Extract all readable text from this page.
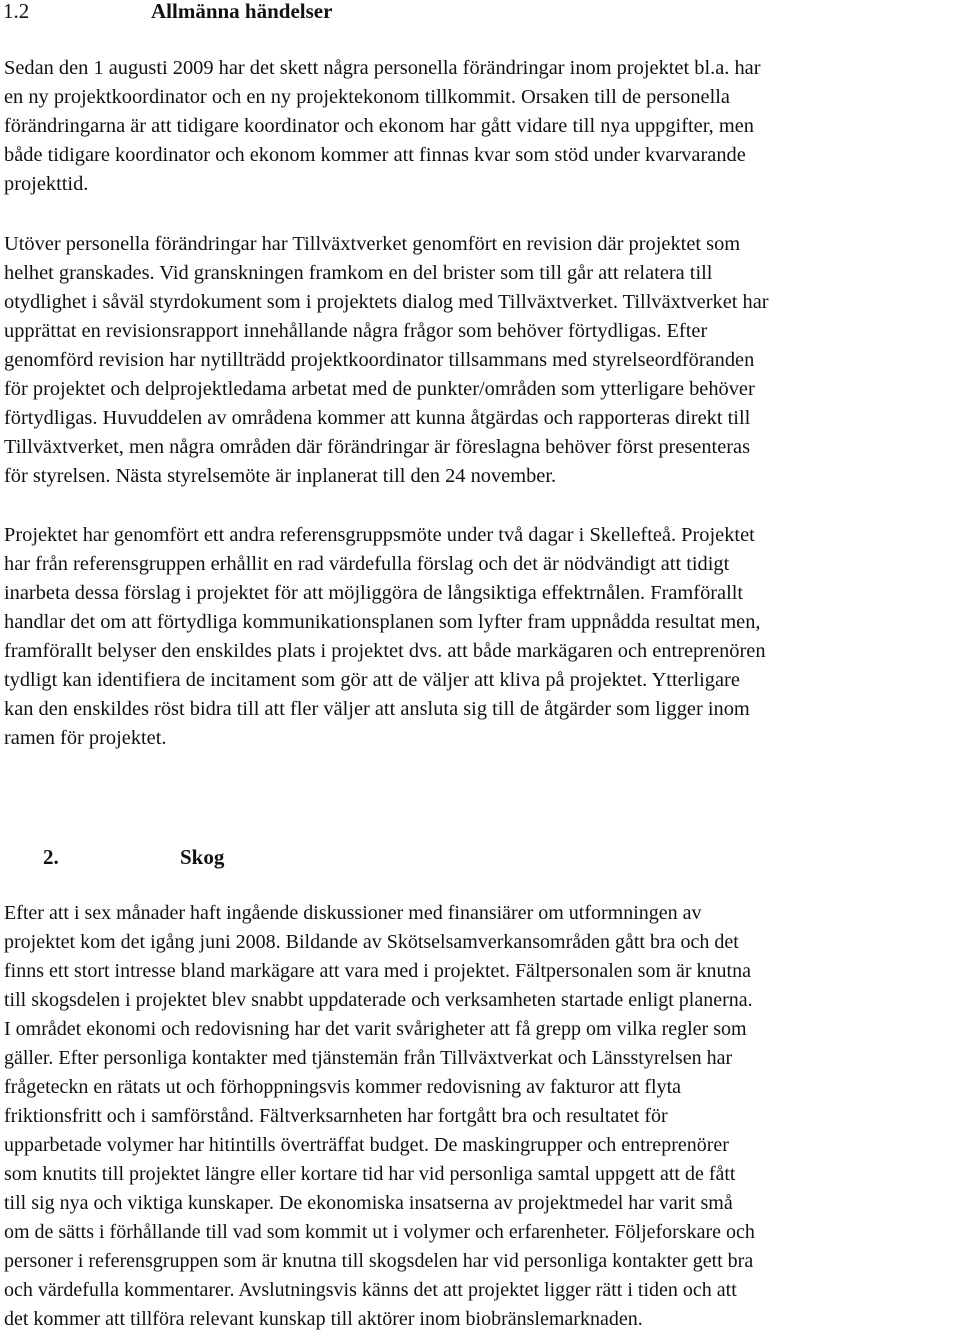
1.2	Allmänna händelser

Sedan den 1 augusti 2009 har det skett några personella förändringar inom projektet bl.a. har
en ny projektkoordinator och en ny projektekonom tillkommit. Orsaken till de personella
förändringarna är att tidigare koordinator och ekonom har gått vidare till nya uppgifter, men
både tidigare koordinator och ekonom kommer att finnas kvar som stöd under kvarvarande
projekttid.

Utöver personella förändringar har Tillväxtverket genomfört en revision där projektet som
helhet granskades. Vid granskningen framkom en del brister som till går att relatera till
otydlighet i såväl styrdokument som i projektets dialog med Tillväxtverket. Tillväxtverket har
upprättat en revisionsrapport innehållande några frågor som behöver förtydligas. Efter
genomförd revision har nytillträdd projektkoordinator tillsammans med styrelseordföranden
för projektet och delprojektledama arbetat med de punkter/områden som ytterligare behöver
förtydligas. Huvuddelen av områdena kommer att kunna åtgärdas och rapporteras direkt till
Tillväxtverket, men några områden där förändringar är föreslagna behöver först presenteras
för styrelsen. Nästa styrelsemöte är inplanerat till den 24 november.

Projektet har genomfört ett andra referensgruppsmöte under två dagar i Skellefteå. Projektet
har från referensgruppen erhållit en rad värdefulla förslag och det är nödvändigt att tidigt
inarbeta dessa förslag i projektet för att möjliggöra de långsiktiga effektrnålen. Framförallt
handlar det om att förtydliga kommunikationsplanen som lyfter fram uppnådda resultat men,
framförallt belyser den enskildes plats i projektet dvs. att både markägaren och entreprenören
tydligt kan identifiera de incitament som gör att de väljer att kliva på projektet. Ytterligare
kan den enskildes röst bidra till att fler väljer att ansluta sig till de åtgärder som ligger inom
ramen för projektet.

2.	Skog

Efter att i sex månader haft ingående diskussioner med finansiärer om utformningen av
projektet kom det igång juni 2008. Bildande av Skötselsamverkansområden gått bra och det
finns ett stort intresse bland markägare att vara med i projektet. Fältpersonalen som är knutna
till skogsdelen i projektet blev snabbt uppdaterade och verksamheten startade enligt planerna.
I området ekonomi och redovisning har det varit svårigheter att få grepp om vilka regler som
gäller. Efter personliga kontakter med tjänstemän från Tillväxtverkat och Länsstyrelsen har
frågeteckn en rätats ut och förhoppningsvis kommer redovisning av fakturor att flyta
friktionsfritt och i samförstånd. Fältverksarnheten har fortgått bra och resultatet för
upparbetade volymer har hitintills överträffat budget. De maskingrupper och entreprenörer
som knutits till projektet längre eller kortare tid har vid personliga samtal uppgett att de fått
till sig nya och viktiga kunskaper. De ekonomiska insatserna av projektmedel har varit små
om de sätts i förhållande till vad som kommit ut i volymer och erfarenheter. Följeforskare och
personer i referensgruppen som är knutna till skogsdelen har vid personliga kontakter gett bra
och värdefulla kommentarer. Avslutningsvis känns det att projektet ligger rätt i tiden och att
det kommer att tillföra relevant kunskap till aktörer inom biobränslemarknaden.
